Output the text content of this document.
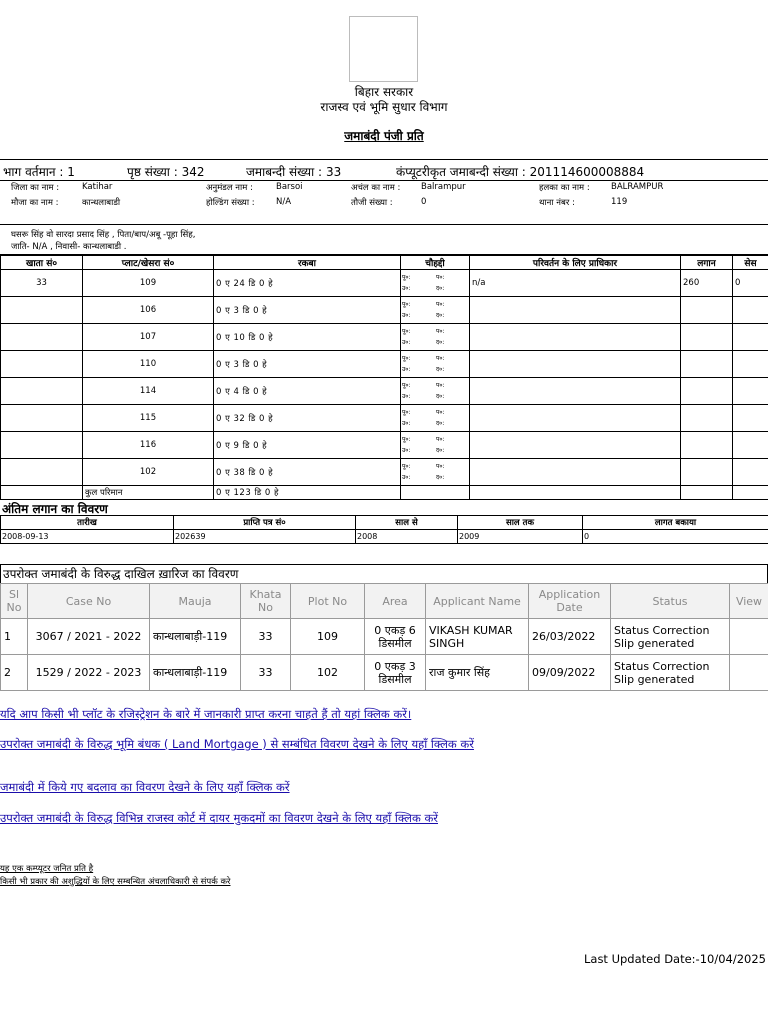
बिहार सरकार
राजस्व एवं भूमि सुधार विभाग
जमाबंदी पंजी प्रति
भाग वर्तमान : 1	पृष्ठ संख्या : 342	जमाबन्दी संख्या : 33	कंप्यूटरीकृत जमाबन्दी संख्या : 201114600008884
जिला का नाम :	Katihar	अनुमंडल नाम :	Barsoi	अचंल का नाम : Balrampur	हलका का नाम :	BALRAMPUR
मौजा का नाम :	कान्धलाबाडी	होल्डिंग संख्या :	N/A	तौजी संख्या :	0	थाना नंबर :	119
घसरू सिंह वो सारदा प्रसाद सिंह , पिता/बाप/अबू -पूहा सिंह,
जाति- N/A , निवासी- कान्धलाबाडी .
खाता सं०	प्लाट/खेसरा सं०	रकबा	चौहद्दी	परिवर्तन के लिए प्राधिकार	लगान	सेस
33	109	0 ए 24 डि 0 हे	पू०: प०:
उ०: द०:	n/a	260	0
	106	0 ए 3 डि 0 हे	पू०: प०:
उ०: द०:			

	107	0 ए 10 डि 0 हे	पू०: प०:
उ०: द०:			

	110	0 ए 3 डि 0 हे	पू०: प०:
उ०: द०:			

	114	0 ए 4 डि 0 हे	पू०: प०:
उ०: द०:			

	115	0 ए 32 डि 0 हे	पू०: प०:
उ०: द०:			

	116	0 ए 9 डि 0 हे	पू०: प०:
उ०: द०:			

	102	0 ए 38 डि 0 हे	पू०: प०:
उ०: द०:			

	कुल परिमान	0 ए 123 डि 0 हे				
अंतिम लगान का विवरण
तारीख	प्राप्ति पत्र सं०	साल से	साल तक	लागत बकाया
2008-09-13	202639	2008	2009	0
उपरोक्त जमाबंदी के विरुद्ध दाखिल ख़ारिज का विवरण
Sl No	Case No	Mauja	Khata No	Plot No	Area	Applicant Name	Application Date	Status	View
1	3067 / 2021 - 2022	कान्धलाबाड़ी-119	33	109	0 एकड़ 6 डिसमील	VIKASH KUMAR SINGH	26/03/2022	Status Correction Slip generated	
2	1529 / 2022 - 2023	कान्धलाबाड़ी-119	33	102	0 एकड़ 3 डिसमील	राज कुमार सिंह	09/09/2022	Status Correction Slip generated	
यदि आप किसी भी प्लॉट के रजिस्ट्रेशन के बारे में जानकारी प्राप्त करना चाहते हैं तो यहां क्लिक करें।
उपरोक्त जमाबंदी के विरुद्ध भूमि बंधक ( Land Mortgage ) से सम्बंधित विवरण देखने के लिए यहाँ क्लिक करें
जमाबंदी में किये गए बदलाव का विवरण देखने के लिए यहाँ क्लिक करें
उपरोक्त जमाबंदी के विरुद्ध विभिन्न राजस्व कोर्ट में दायर मुकदमों का विवरण देखने के लिए यहाँ क्लिक करें
यह एक कम्प्यूटर जनित प्रति है
किसी भी प्रकार की अशुद्धियों के लिए सम्बन्धित अंचलाधिकारी से संपर्क करे
Last Updated Date:-10/04/2025
